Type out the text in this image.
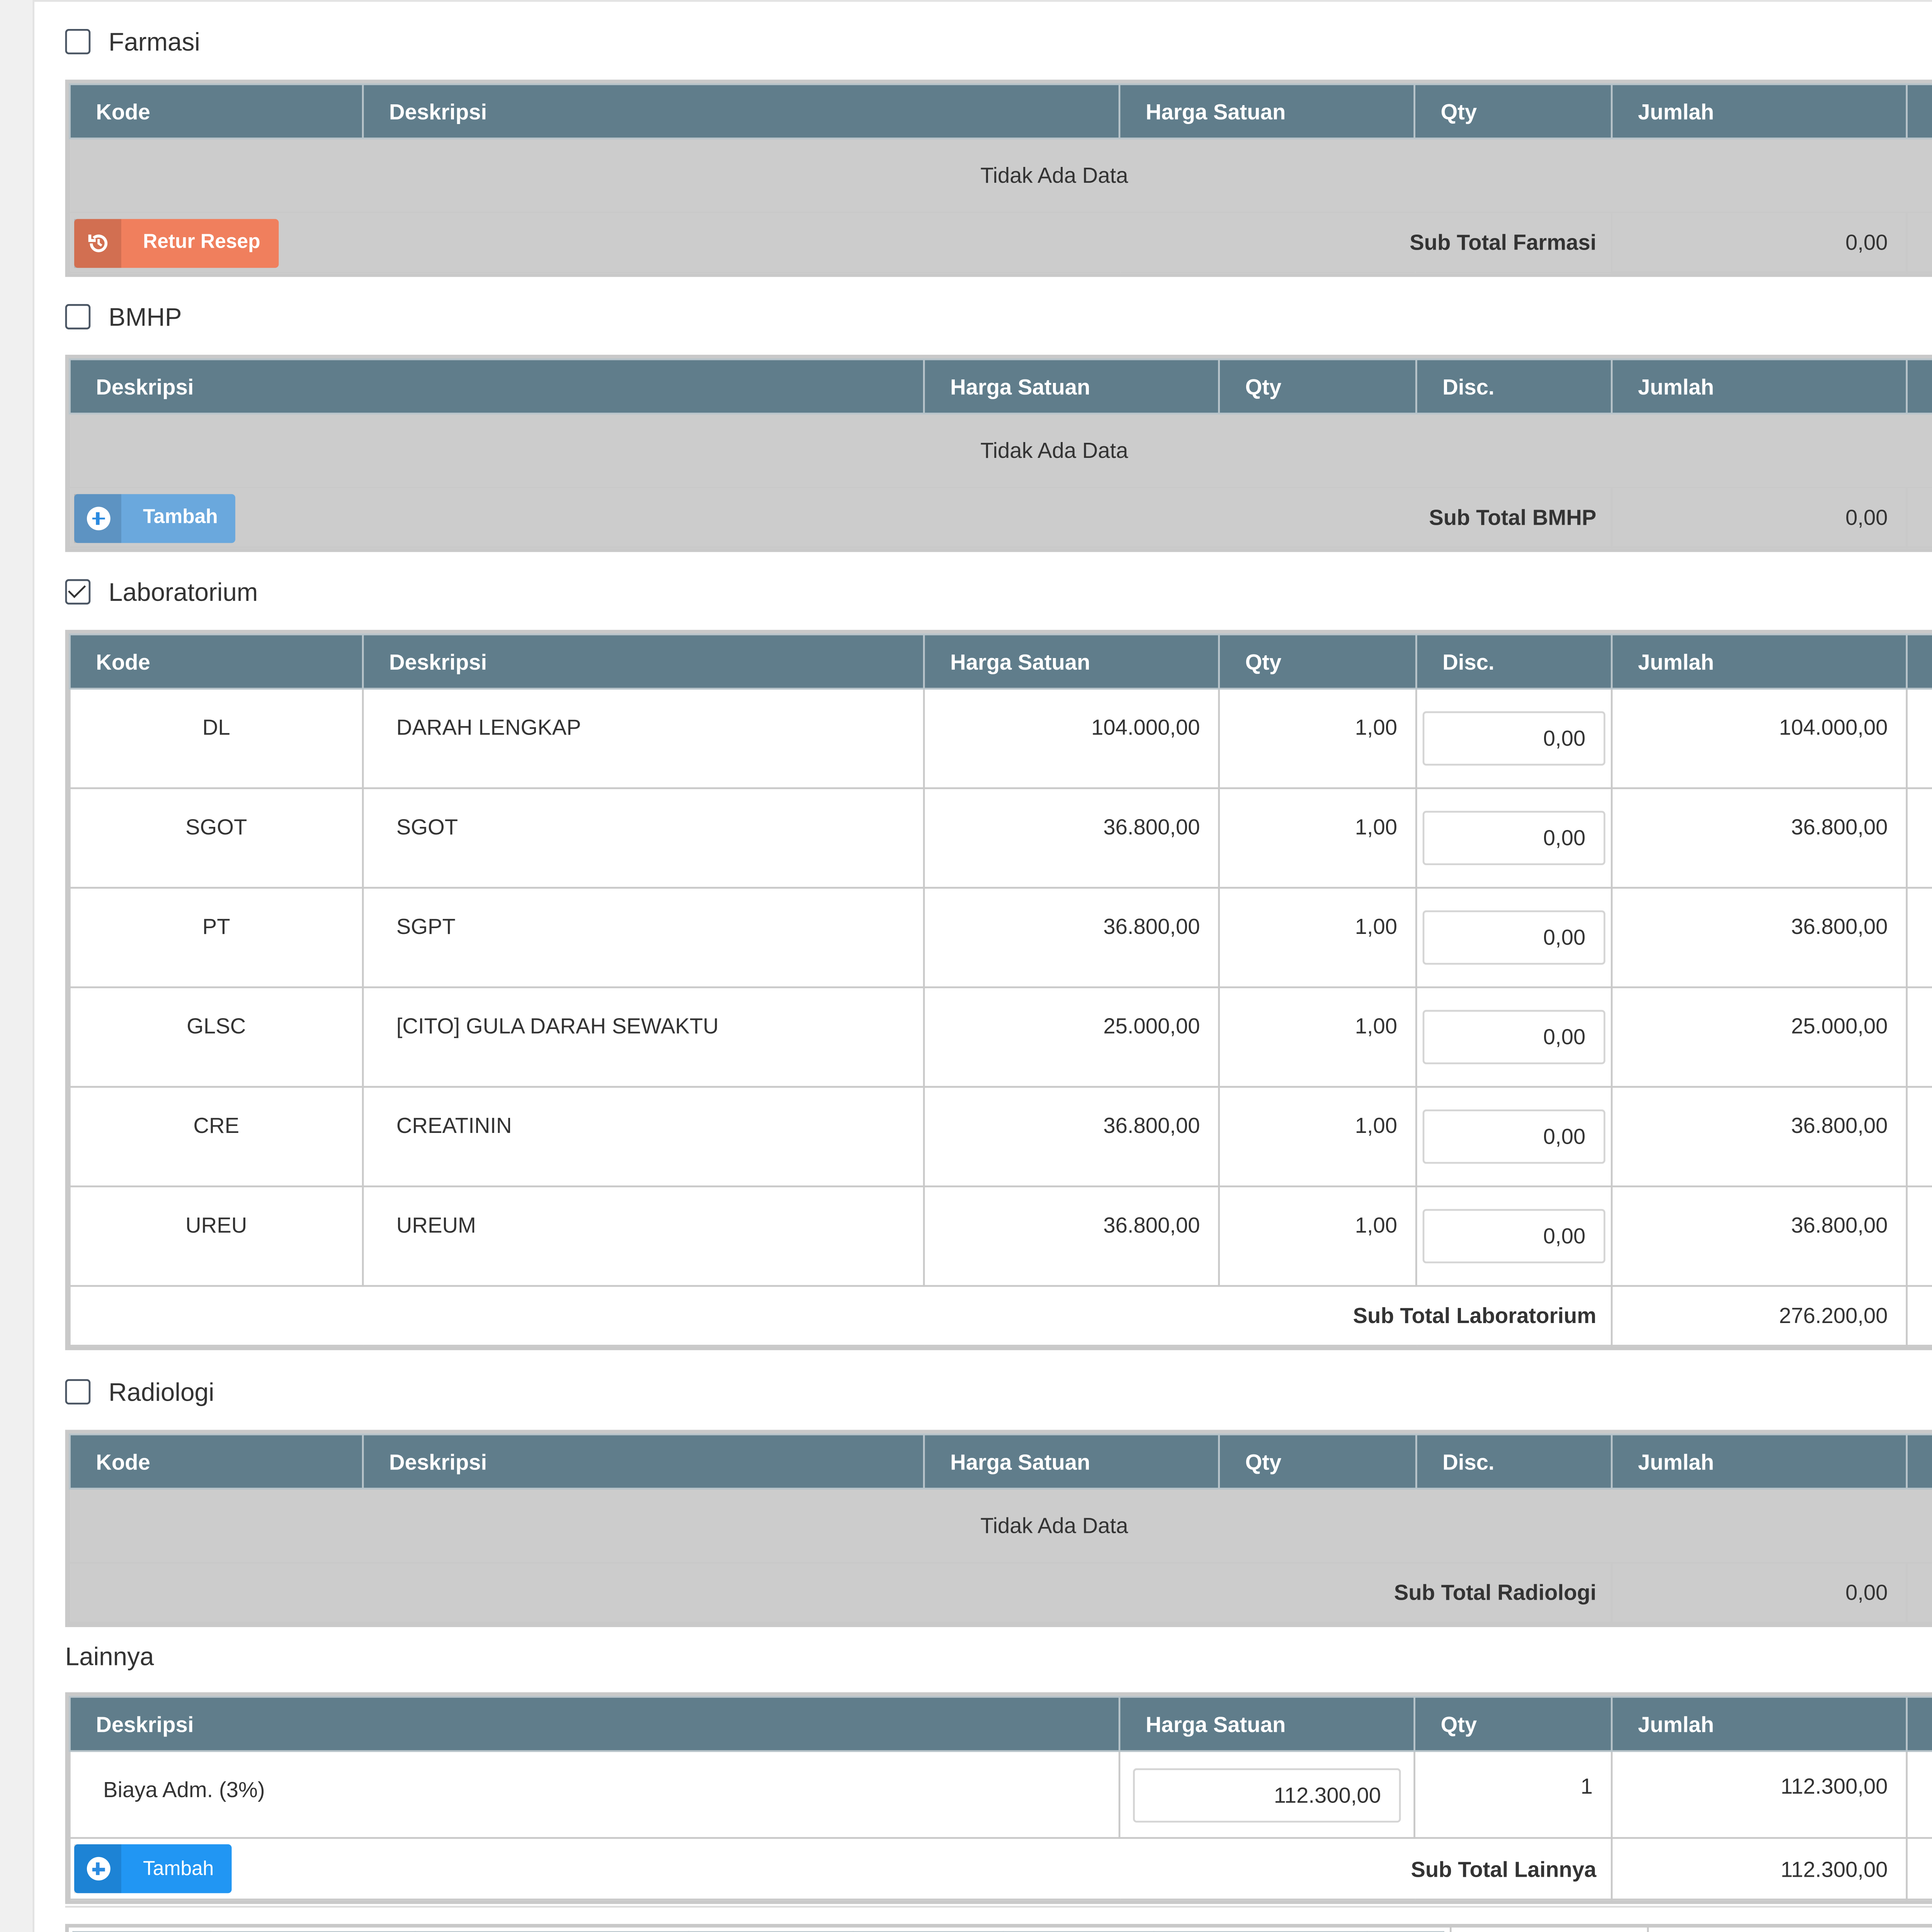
Farmasi
Kode	Deskripsi	Harga Satuan	Qty	Jumlah	
Tidak Ada Data					

Retur Resep Sub Total Farmasi				0,00	
BMHP
Deskripsi	Harga Satuan	Qty	Disc.	Jumlah	
Tidak Ada Data					

Tambah Sub Total BMHP				0,00	
Laboratorium
Kode	Deskripsi	Harga Satuan	Qty	Disc.	Jumlah	
DL	DARAH LENGKAP	104.000,00	1,00	0,00	104.000,00	
SGOT	SGOT	36.800,00	1,00	0,00	36.800,00	
PT	SGPT	36.800,00	1,00	0,00	36.800,00	
GLSC	[CITO] GULA DARAH SEWAKTU	25.000,00	1,00	0,00	25.000,00	
CRE	CREATININ	36.800,00	1,00	0,00	36.800,00	
UREU	UREUM	36.800,00	1,00	0,00	36.800,00	
Sub Total Laboratorium					276.200,00	
Radiologi
Kode	Deskripsi	Harga Satuan	Qty	Disc.	Jumlah	
Tidak Ada Data						
Sub Total Radiologi					0,00	
Lainnya
Deskripsi	Harga Satuan	Qty	Jumlah	
Biaya Adm. (3%)	112.300,00	1	112.300,00	

Tambah Sub Total Lainnya			112.300,00	
